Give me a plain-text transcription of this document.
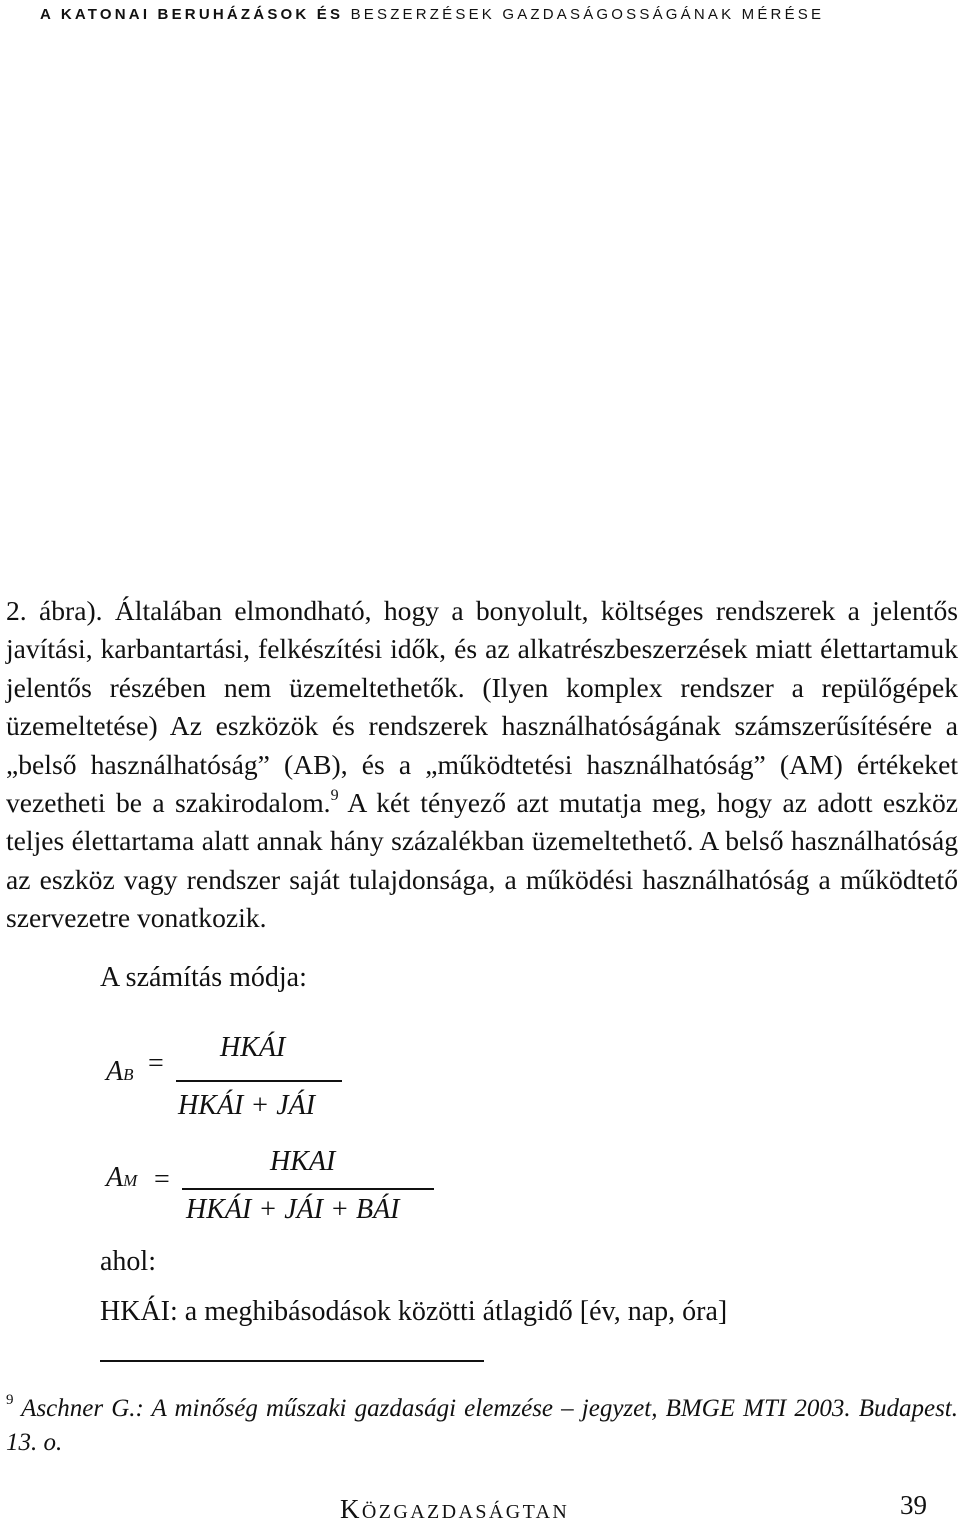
A KATONAI BERUHÁZÁSOK ÉS BESZERZÉSEK GAZDASÁGOSSÁGÁNAK MÉRÉSE

2. ábra). Általában elmondható, hogy a bonyolult, költséges rendszerek a jelentős javítási, karbantartási, felkészítési idők, és az alkatrészbeszerzések miatt élettartamuk jelentős részében nem üzemeltethetők. (Ilyen komplex rendszer a repülőgépek üzemeltetése) Az eszközök és rendszerek használhatóságának számszerűsítésére a „belső használhatóság” (AB), és a „működtetési használhatóság” (AM) értékeket vezetheti be a szakirodalom.$^9$ A két tényező azt mutatja meg, hogy az adott eszköz teljes élettartama alatt annak hány százalékban üzemeltethető. A belső használhatóság az eszköz vagy rendszer saját tulajdonsága, a működési használhatóság a működtető szervezetre vonatkozik.

A számítás módja:
AB =
HKÁI
HKÁI + JÁI
AM =
HKAI
HKÁI + JÁI + BÁI
ahol:
HKÁI: a meghibásodások közötti átlagidő [év, nap, óra]

$^9$ Aschner G.: A minőség műszaki gazdasági elemzése – jegyzet, BMGE MTI 2003. Budapest. 13. o.

KÖZGAZDASÁGTAN	39
